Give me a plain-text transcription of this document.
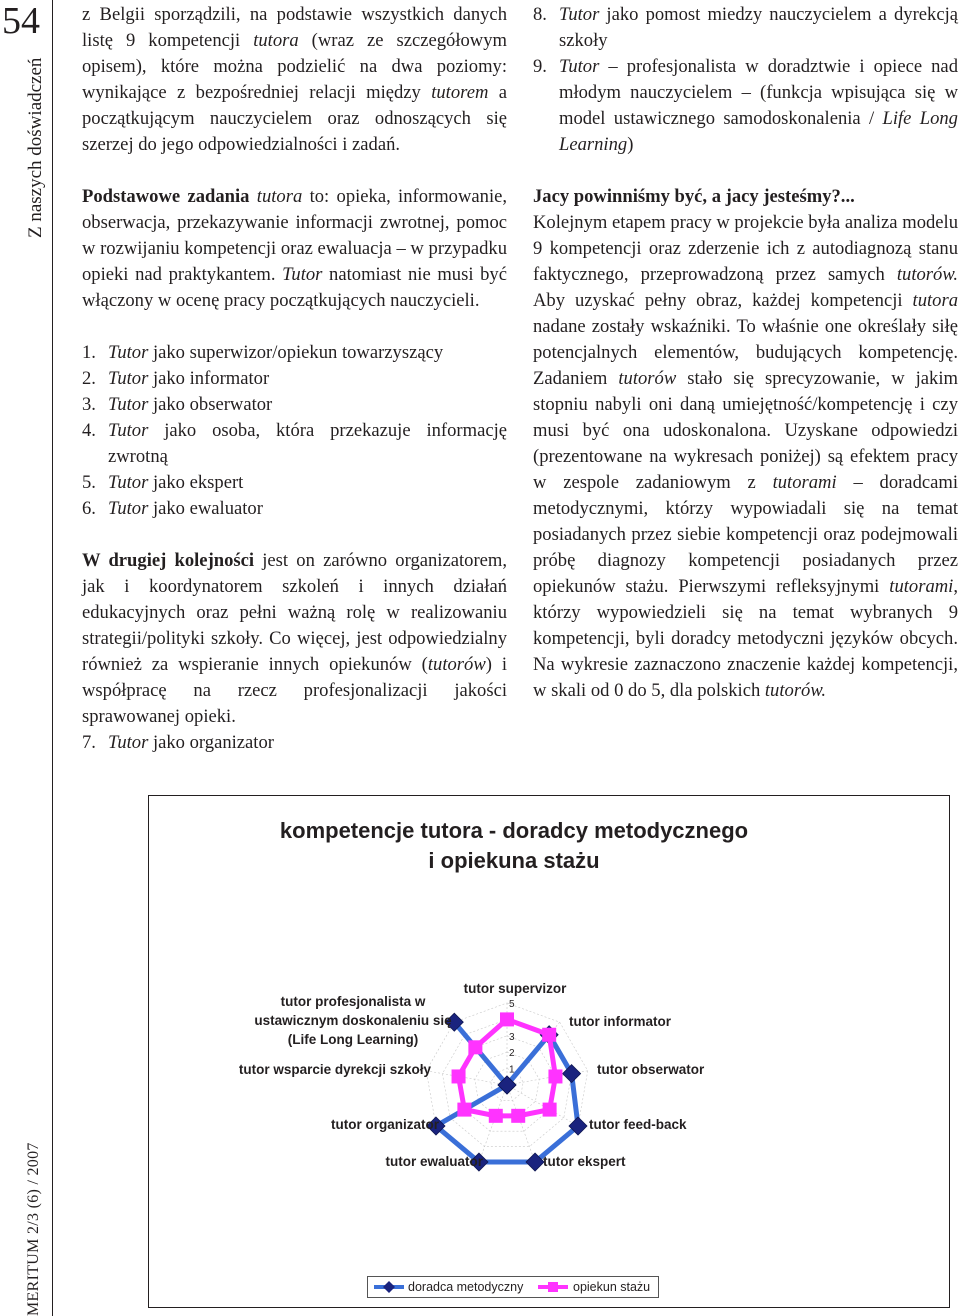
54
Z naszych doświadczeń
MERITUM 2/3 (6) / 2007

z Belgii sporządzili, na podstawie wszystkich danych listę 9 kompetencji tutora (wraz ze szczegółowym opisem), które można podzielić na dwa poziomy: wynikające z bezpośredniej relacji między tutorem a początkującym nauczycielem oraz odnoszących się szerzej do jego odpowiedzialności i zadań.

Podstawowe zadania tutora to: opieka, informowanie, obserwacja, przekazywanie informacji zwrotnej, pomoc w rozwijaniu kompetencji oraz ewaluacja – w przypadku opieki nad praktykantem. Tutor natomiast nie musi być włączony w ocenę pracy początkujących nauczycieli.

1. Tutor jako superwizor/opiekun towarzyszący
2. Tutor jako informator
3. Tutor jako obserwator
4. Tutor jako osoba, która przekazuje informację zwrotną
5. Tutor jako ekspert
6. Tutor jako ewaluator

W drugiej kolejności jest on zarówno organizatorem, jak i koordynatorem szkoleń i innych działań edukacyjnych oraz pełni ważną rolę w realizowaniu strategii/polityki szkoły. Co więcej, jest odpowiedzialny również za wspieranie innych opiekunów (tutorów) i współpracę na rzecz profesjonalizacji jakości sprawowanej opieki.

7. Tutor jako organizator
8. Tutor jako pomost miedzy nauczycielem a dyrekcją szkoły
9. Tutor – profesjonalista w doradztwie i opiece nad młodym nauczycielem – (funkcja wpisująca się w model ustawicznego samodoskonalenia / Life Long Learning)

Jacy powinniśmy być, a jacy jesteśmy?...

Kolejnym etapem pracy w projekcie była analiza modelu 9 kompetencji oraz zderzenie ich z autodiagnozą stanu faktycznego, przeprowadzoną przez samych tutorów. Aby uzyskać pełny obraz, każdej kompetencji tutora nadane zostały wskaźniki. To właśnie one określały siłę potencjalnych elementów, budujących kompetencję. Zadaniem tutorów stało się sprecyzowanie, w jakim stopniu nabyli oni daną umiejętność/kompetencję i czy musi być ona udoskonalona. Uzyskane odpowiedzi (prezentowane na wykresach poniżej) są efektem pracy w zespole zadaniowym z tutorami – doradcami metodycznymi, którzy wypowiadali się na temat posiadanych przez siebie kompetencji oraz podejmowali próbę diagnozy kompetencji posiadanych przez opiekunów stażu. Pierwszymi refleksyjnymi tutorami, którzy wypowiedzieli się na temat wybranych 9 kompetencji, byli doradcy metodyczni języków obcych. Na wykresie zaznaczono znaczenie każdej kompetencji, w skali od 0 do 5, dla polskich tutorów.

kompetencje tutora - doradcy metodycznego
i opiekuna stażu
1
2
3
5
tutor supervizor
tutor informator
tutor obserwator
tutor feed-back
tutor ekspert
tutor ewaluator
tutor organizator
tutor wsparcie dyrekcji szkoły
tutor profesjonalista w ustawicznym doskonaleniu się (Life Long Learning)
doradca metodyczny	opiekun stażu
